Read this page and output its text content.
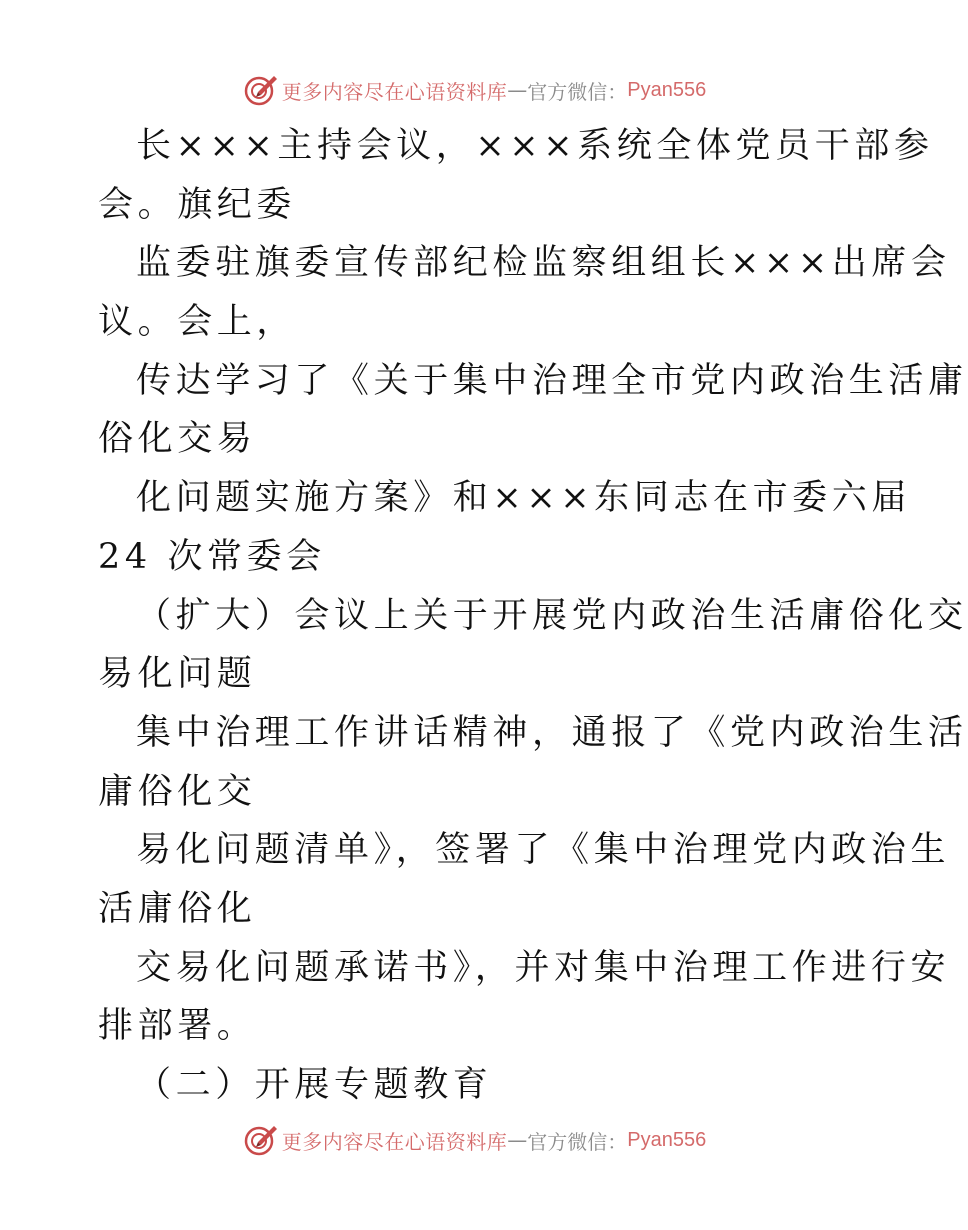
更多内容尽在心语资料库 — 官方微信： Pyan556
长×××主持会议，×××系统全体党员干部参
会。旗纪委
监委驻旗委宣传部纪检监察组组长×××出席会
议。会上，
传达学习了《关于集中治理全市党内政治生活庸
俗化交易
化问题实施方案》和×××东同志在市委六届
24 次常委会
（扩大）会议上关于开展党内政治生活庸俗化交
易化问题
集中治理工作讲话精神，通报了《党内政治生活
庸俗化交
易化问题清单》，签署了《集中治理党内政治生
活庸俗化
交易化问题承诺书》，并对集中治理工作进行安
排部署。
（二）开展专题教育
更多内容尽在心语资料库 — 官方微信： Pyan556
